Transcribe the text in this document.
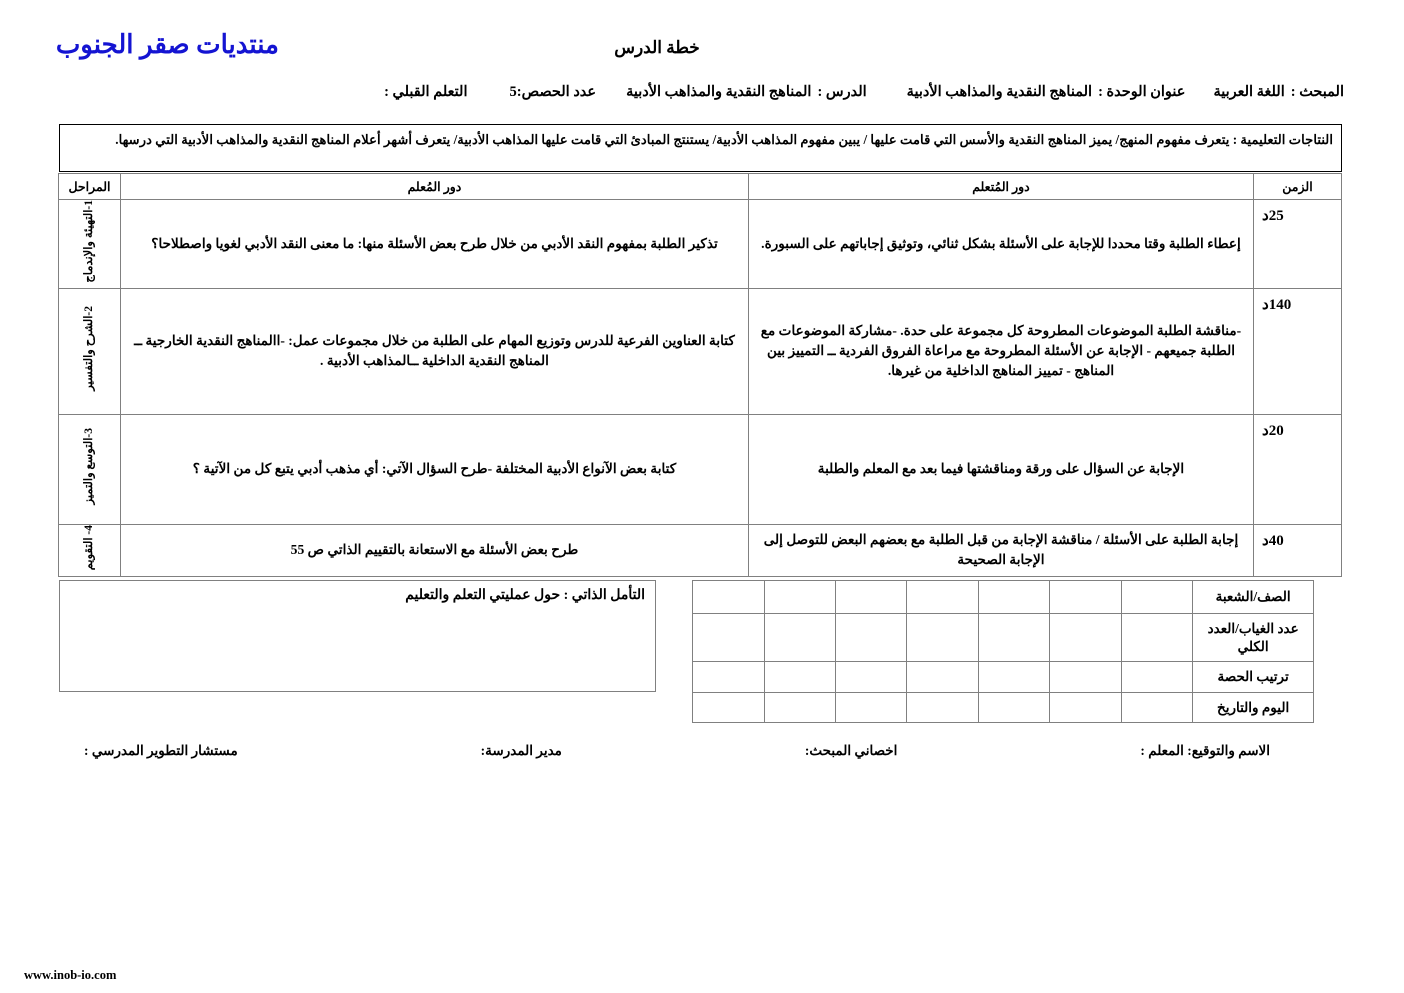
منتديات صقر الجنوب	خطة الدرس
المبحث :
اللغة العربية
عنوان الوحدة :
المناهج النقدية والمذاهب الأدبية
الدرس :
المناهج النقدية والمذاهب الأدبية
عدد الحصص:5
التعلم القبلي :
النتاجات التعليمية : يتعرف مفهوم المنهج/ يميز المناهج النقدية والأسس التي قامت عليها / يبين مفهوم المذاهب الأدبية/ يستنتج المبادئ التي قامت عليها المذاهب الأدبية/ يتعرف أشهر أعلام المناهج النقدية والمذاهب الأدبية التي درسها.
الزمن	دور المُتعلم	دور المُعلم	المراحل
25د	إعطاء الطلبة وقتا محددا للإجابة على الأسئلة بشكل ثنائي، وتوثيق إجاباتهم على السبورة.	تذكير الطلبة بمفهوم النقد الأدبي من خلال طرح بعض الأسئلة منها: ما معنى النقد الأدبي لغويا واصطلاحا؟	1-التهيئة والإندماج
140د	-مناقشة الطلبة الموضوعات المطروحة كل مجموعة على حدة. -مشاركة الموضوعات مع الطلبة جميعهم - الإجابة عن الأسئلة المطروحة مع مراعاة الفروق الفردية ــ التمييز بين المناهج - تمييز المناهج الداخلية من غيرها.	كتابة العناوين الفرعية للدرس وتوزيع المهام على الطلبة من خلال مجموعات عمل: -االمناهج النقدية الخارجية ــ المناهج النقدية الداخلية ــالمذاهب الأدبية .	2-الشرح والتفسير
20د	الإجابة عن السؤال على ورقة ومناقشتها فيما بعد مع المعلم والطلبة	كتابة بعض الآنواع الأدبية المختلفة -طرح السؤال الآتي: أي مذهب أدبي يتبع كل من الآتية ؟	3-التوسع والتميز
40د	إجابة الطلبة على الأسئلة / مناقشة الإجابة من قبل الطلبة مع بعضهم البعض للتوصل إلى الإجابة الصحيحة	طرح بعض الأسئلة مع الاستعانة بالتقييم الذاتي ص 55	4- التقويم
الصف/الشعبة							
عدد الغياب/العدد الكلي							
ترتيب الحصة							
اليوم والتاريخ							
التأمل الذاتي : حول عمليتي التعلم والتعليم
الاسم والتوقيع: المعلم :
اخصاني المبحث:
مدير المدرسة:
مستشار التطوير المدرسي :
www.inob-io.com
